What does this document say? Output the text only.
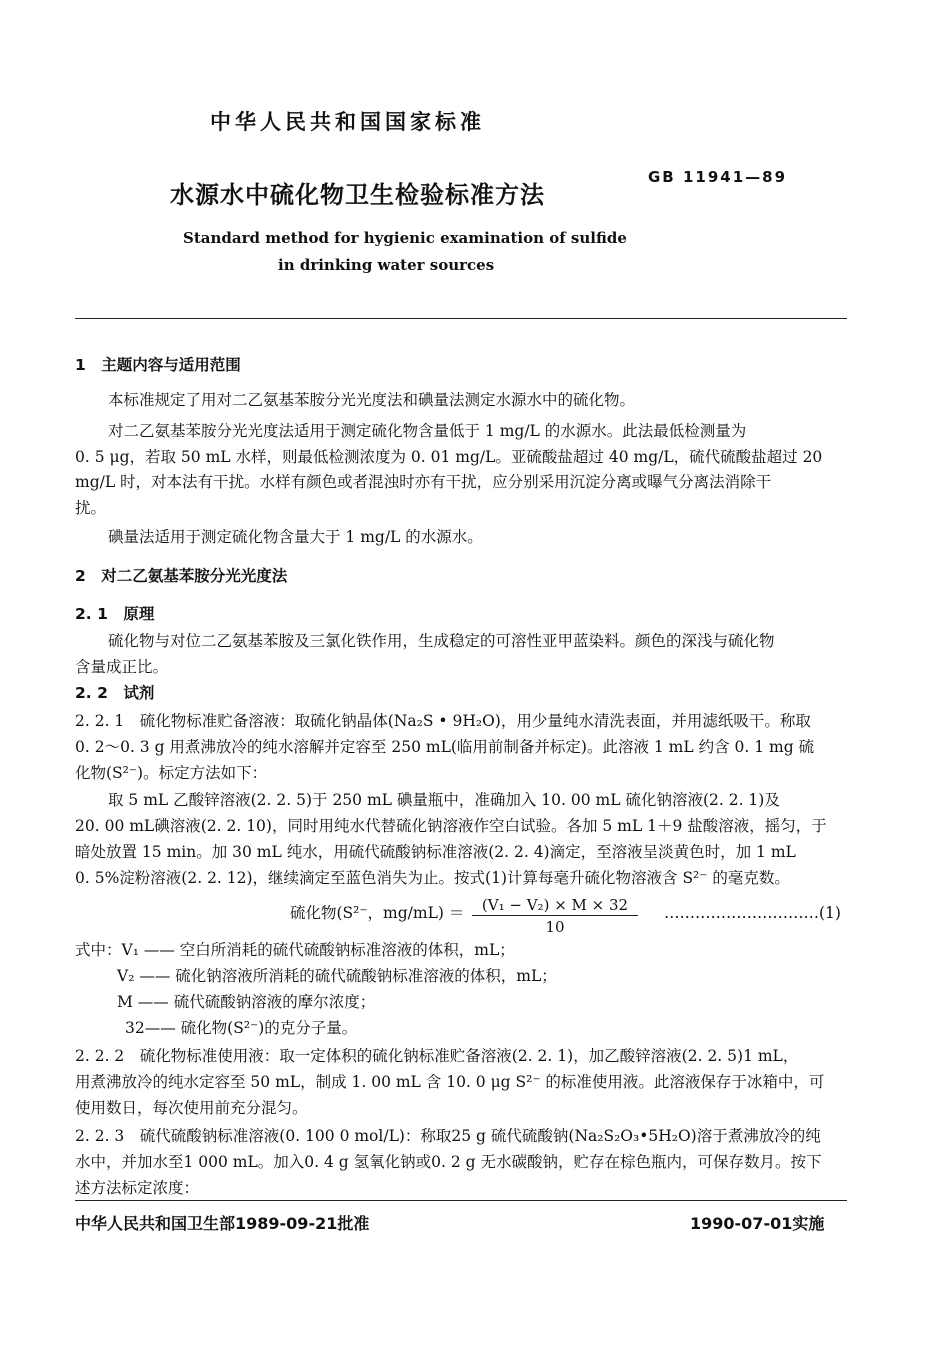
中华人民共和国国家标准
GB 11941—89
水源水中硫化物卫生检验标准方法
Standard method for hygienic examination of sulfide
in drinking water sources
1　主题内容与适用范围
本标准规定了用对二乙氨基苯胺分光光度法和碘量法测定水源水中的硫化物。
对二乙氨基苯胺分光光度法适用于测定硫化物含量低于 1 mg/L 的水源水。此法最低检测量为
0. 5 μg，若取 50 mL 水样，则最低检测浓度为 0. 01 mg/L。亚硫酸盐超过 40 mg/L，硫代硫酸盐超过 20
mg/L 时，对本法有干扰。水样有颜色或者混浊时亦有干扰，应分别采用沉淀分离或曝气分离法消除干
扰。
碘量法适用于测定硫化物含量大于 1 mg/L 的水源水。
2　对二乙氨基苯胺分光光度法
2. 1　原理
硫化物与对位二乙氨基苯胺及三氯化铁作用，生成稳定的可溶性亚甲蓝染料。颜色的深浅与硫化物
含量成正比。
2. 2　试剂
2. 2. 1　硫化物标准贮备溶液：取硫化钠晶体(Na₂S • 9H₂O)，用少量纯水清洗表面，并用滤纸吸干。称取
0. 2～0. 3 g 用煮沸放冷的纯水溶解并定容至 250 mL(临用前制备并标定)。此溶液 1 mL 约含 0. 1 mg 硫
化物(S²⁻)。标定方法如下：
取 5 mL 乙酸锌溶液(2. 2. 5)于 250 mL 碘量瓶中，准确加入 10. 00 mL 硫化钠溶液(2. 2. 1)及
20. 00 mL碘溶液(2. 2. 10)，同时用纯水代替硫化钠溶液作空白试验。各加 5 mL 1＋9 盐酸溶液，摇匀，于
暗处放置 15 min。加 30 mL 纯水，用硫代硫酸钠标准溶液(2. 2. 4)滴定，至溶液呈淡黄色时，加 1 mL
0. 5%淀粉溶液(2. 2. 12)，继续滴定至蓝色消失为止。按式(1)计算每毫升硫化物溶液含 S²⁻ 的毫克数。
硫化物(S²⁻，mg/mL) ＝	(V₁ − V₂) × M × 32
10
…………………………(1)
式中：V₁ —— 空白所消耗的硫代硫酸钠标准溶液的体积，mL；
V₂ —— 硫化钠溶液所消耗的硫代硫酸钠标准溶液的体积，mL；
M —— 硫代硫酸钠溶液的摩尔浓度；
32—— 硫化物(S²⁻)的克分子量。
2. 2. 2　硫化物标准使用液：取一定体积的硫化钠标准贮备溶液(2. 2. 1)，加乙酸锌溶液(2. 2. 5)1 mL，
用煮沸放冷的纯水定容至 50 mL，制成 1. 00 mL 含 10. 0 μg S²⁻ 的标准使用液。此溶液保存于冰箱中，可
使用数日，每次使用前充分混匀。
2. 2. 3　硫代硫酸钠标准溶液(0. 100 0 mol/L)：称取25 g 硫代硫酸钠(Na₂S₂O₃•5H₂O)溶于煮沸放冷的纯
水中，并加水至1 000 mL。加入0. 4 g 氢氧化钠或0. 2 g 无水碳酸钠，贮存在棕色瓶内，可保存数月。按下
述方法标定浓度：
中华人民共和国卫生部1989-09-21批准	1990-07-01实施
